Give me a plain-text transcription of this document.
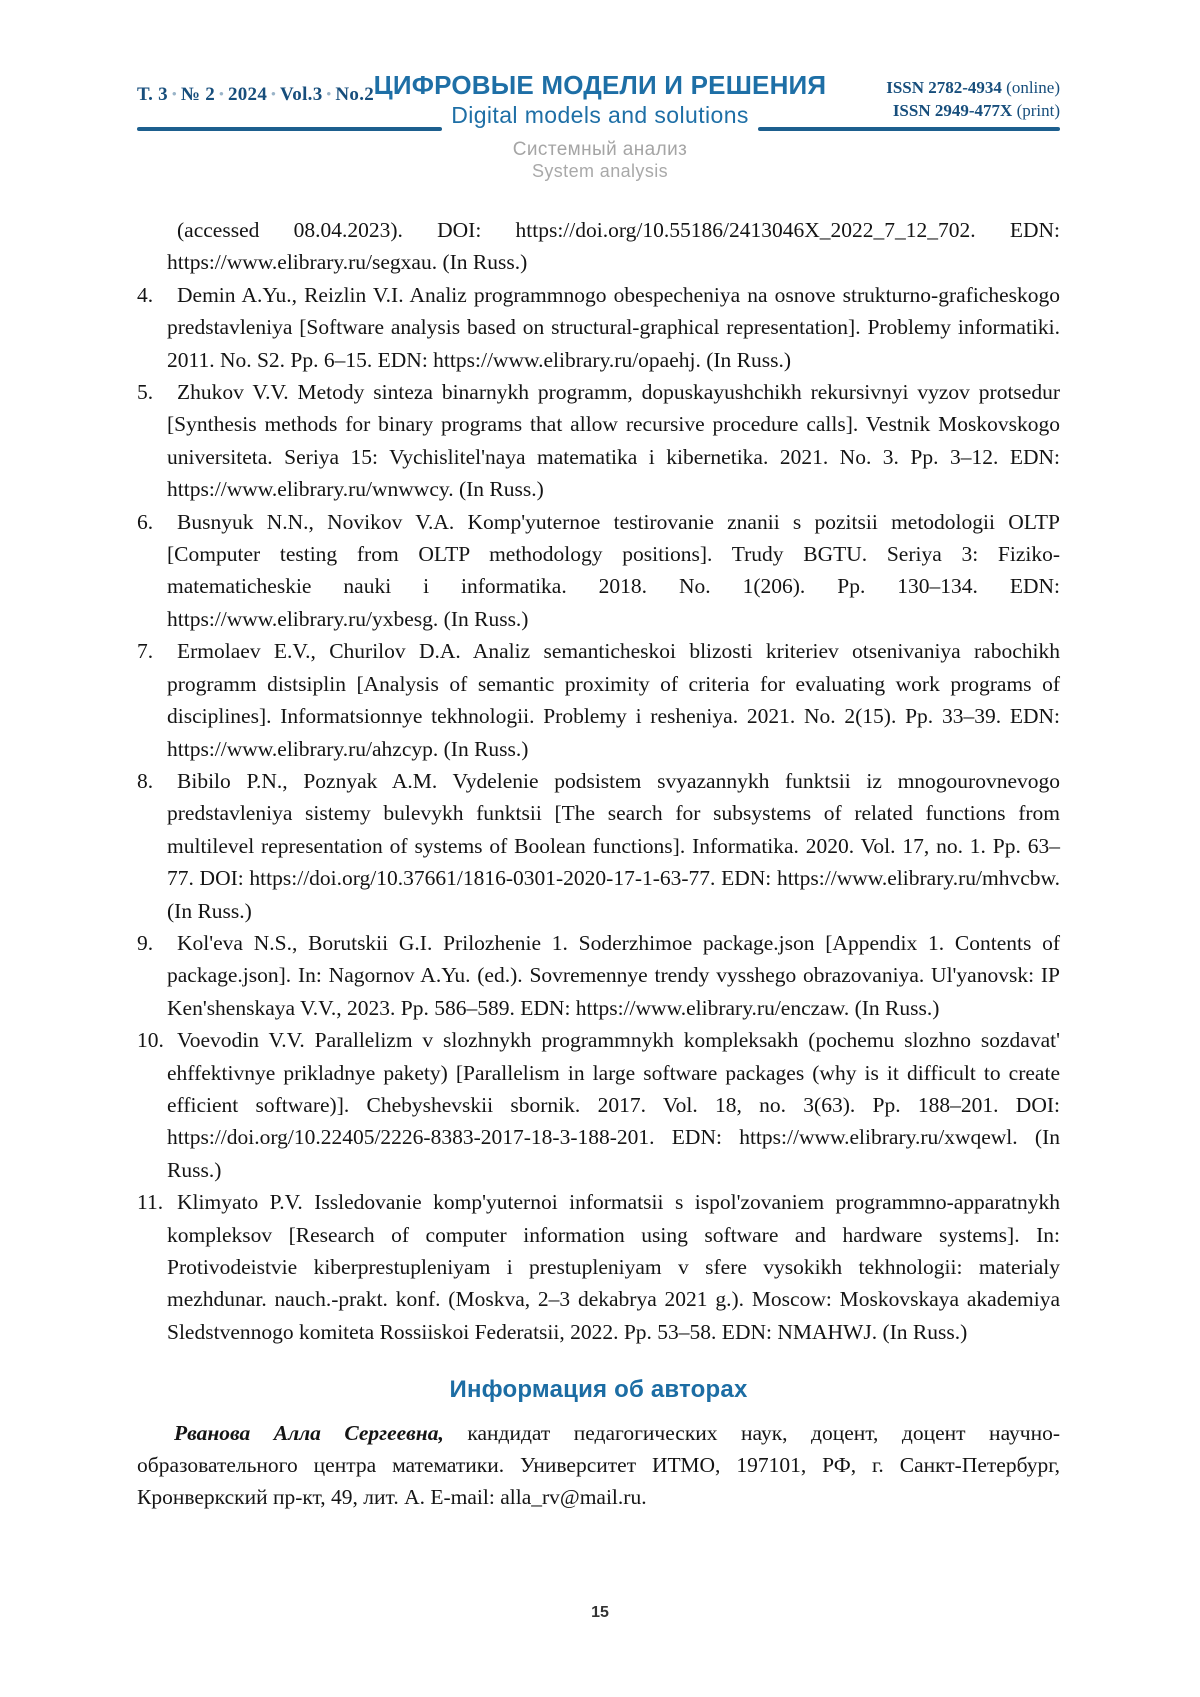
Т. 3 • № 2 • 2024 • Vol.3 • No.2 ЦИФРОВЫЕ МОДЕЛИ И РЕШЕНИЯ
Digital models and solutions
ISSN 2782-4934 (online)
ISSN 2949-477X (print)
Системный анализ
System analysis

(accessed 08.04.2023). DOI: https://doi.org/10.55186/2413046X_2022_7_12_702. EDN: https://www.elibrary.ru/segxau. (In Russ.)

4.	Demin A.Yu., Reizlin V.I. Analiz programmnogo obespecheniya na osnove strukturno-graficheskogo predstavleniya [Software analysis based on structural-graphical representation]. Problemy informatiki. 2011. No. S2. Pp. 6–15. EDN: https://www.elibrary.ru/opaehj. (In Russ.)
5.	Zhukov V.V. Metody sinteza binarnykh programm, dopuskayushchikh rekursivnyi vyzov protsedur [Synthesis methods for binary programs that allow recursive procedure calls]. Vestnik Moskovskogo universiteta. Seriya 15: Vychislitel'naya matematika i kibernetika. 2021. No. 3. Pp. 3–12. EDN: https://www.elibrary.ru/wnwwcy. (In Russ.)
6.	Busnyuk N.N., Novikov V.A. Komp'yuternoe testirovanie znanii s pozitsii metodologii OLTP [Computer testing from OLTP methodology positions]. Trudy BGTU. Seriya 3: Fiziko-matematicheskie nauki i informatika. 2018. No. 1(206). Pp. 130–134. EDN: https://www.elibrary.ru/yxbesg. (In Russ.)
7.	Ermolaev E.V., Churilov D.A. Analiz semanticheskoi blizosti kriteriev otsenivaniya rabochikh programm distsiplin [Analysis of semantic proximity of criteria for evaluating work programs of disciplines]. Informatsionnye tekhnologii. Problemy i resheniya. 2021. No. 2(15). Pp. 33–39. EDN: https://www.elibrary.ru/ahzcyp. (In Russ.)
8.	Bibilo P.N., Poznyak A.M. Vydelenie podsistem svyazannykh funktsii iz mnogourovnevogo predstavleniya sistemy bulevykh funktsii [The search for subsystems of related functions from multilevel representation of systems of Boolean functions]. Informatika. 2020. Vol. 17, no. 1. Pp. 63–77. DOI: https://doi.org/10.37661/1816-0301-2020-17-1-63-77. EDN: https://www.elibrary.ru/mhvcbw. (In Russ.)
9.	Kol'eva N.S., Borutskii G.I. Prilozhenie 1. Soderzhimoe package.json [Appendix 1. Contents of package.json]. In: Nagornov A.Yu. (ed.). Sovremennye trendy vysshego obrazovaniya. Ul'yanovsk: IP Ken'shenskaya V.V., 2023. Pp. 586–589. EDN: https://www.elibrary.ru/enczaw. (In Russ.)
10. Voevodin V.V. Parallelizm v slozhnykh programmnykh kompleksakh (pochemu slozhno sozdavat' ehffektivnye prikladnye pakety) [Parallelism in large software packages (why is it difficult to create efficient software)]. Chebyshevskii sbornik. 2017. Vol. 18, no. 3(63). Pp. 188–201. DOI: https://doi.org/10.22405/2226-8383-2017-18-3-188-201. EDN: https://www.elibrary.ru/xwqewl. (In Russ.)
11. Klimyato P.V. Issledovanie komp'yuternoi informatsii s ispol'zovaniem programmno-apparatnykh kompleksov [Research of computer information using software and hardware systems]. In: Protivodeistvie kiberprestupleniyam i prestupleniyam v sfere vysokikh tekhnologii: materialy mezhdunar. nauch.-prakt. konf. (Moskva, 2–3 dekabrya 2021 g.). Moscow: Moskovskaya akademiya Sledstvennogo komiteta Rossiiskoi Federatsii, 2022. Pp. 53–58. EDN: NMAHWJ. (In Russ.)
Информация об авторах

Рванова Алла Сергеевна, кандидат педагогических наук, доцент, доцент научно-образовательного центра математики. Университет ИТМО, 197101, РФ, г. Санкт-Петербург, Кронверкский пр-кт, 49, лит. А. E-mail: alla_rv@mail.ru.

15
